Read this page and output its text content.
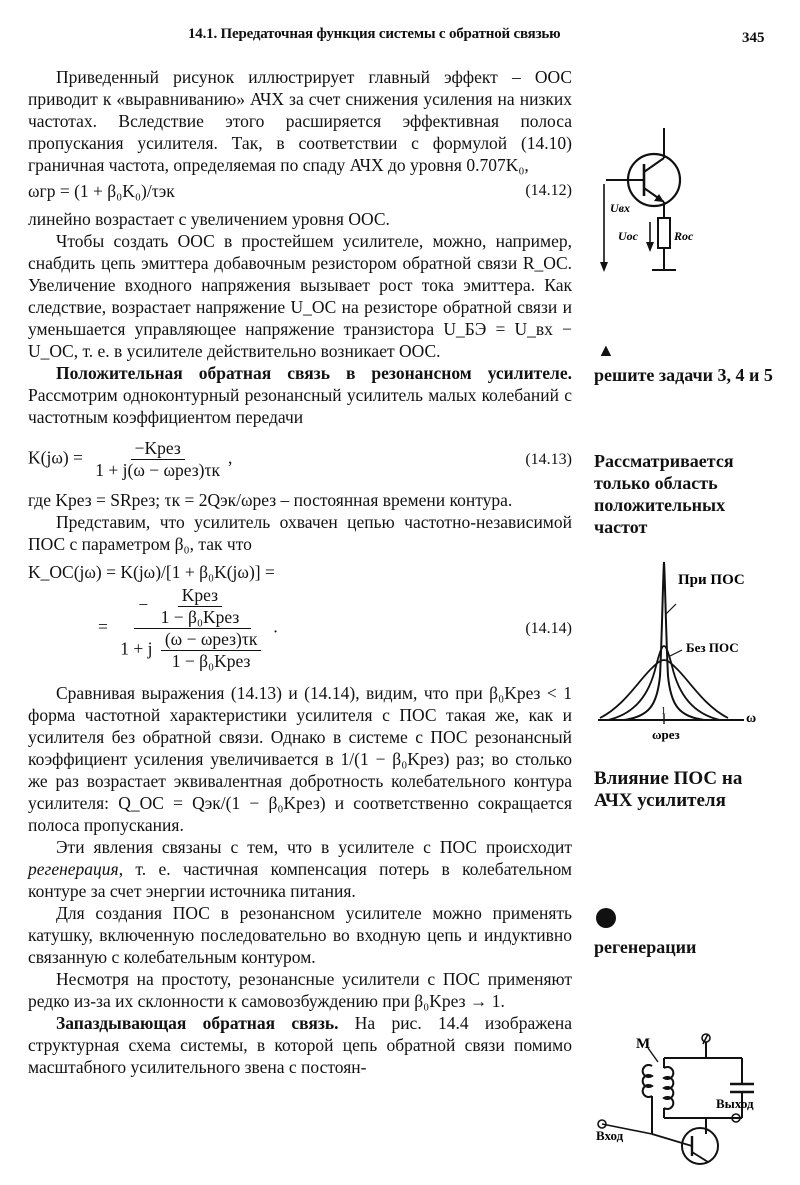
14.1. Передаточная функция системы с обратной связью	345

Приведенный рисунок иллюстрирует главный эффект – ООС приводит к «выравниванию» АЧХ за счет снижения усиления на низких частотах. Вследствие этого расширяется эффективная полоса пропускания усилителя. Так, в соответствии с формулой (14.10) граничная частота, определяемая по спаду АЧХ до уровня 0.707K₀,

ωгр = (1 + β₀K₀)/τэк	(14.12)

линейно возрастает с увеличением уровня ООС.

Чтобы создать ООС в простейшем усилителе, можно, например, снабдить цепь эмиттера добавочным резистором обратной связи R_OC. Увеличение входного напряжения вызывает рост тока эмиттера. Как следствие, возрастает напряжение U_OC на резисторе обратной связи и уменьшается управляющее напряжение транзистора U_БЭ = U_вх − U_OC, т. е. в усилителе действительно возникает ООС.

Положительная обратная связь в резонансном усилителе. Рассмотрим одноконтурный резонансный усилитель малых колебаний с частотным коэффициентом передачи

$K(j\omega) = \frac{\text{−Kрез}}{\text{1 + j(ω − ωрез)τк}}$ ,	(14.13)

где Kрез = SRрез; τк = 2Qэк/ωрез – постоянная времени контура.

Представим, что усилитель охвачен цепью частотно-независимой ПОС с параметром β₀, так что

K_OC(jω) = K(jω)/[1 + β₀K(jω)] =
=
− $\frac{\text{Kрез}}{\text{1 − β₀Kрез}}$
1 + j $\frac{\text{(ω − ωрез)τк}}{\text{1 − β₀Kрез}}$
.	(14.14)

Сравнивая выражения (14.13) и (14.14), видим, что при β₀Kрез < 1 форма частотной характеристики усилителя с ПОС такая же, как и усилителя без обратной связи. Однако в системе с ПОС резонансный коэффициент усиления увеличивается в 1/(1 − β₀Kрез) раз; во столько же раз возрастает эквивалентная добротность колебательного контура усилителя: Q_OC = Qэк/(1 − β₀Kрез) и соответственно сокращается полоса пропускания.

Эти явления связаны с тем, что в усилителе с ПОС происходит регенерация, т. е. частичная компенсация потерь в колебательном контуре за счет энергии источника питания.

Для создания ПОС в резонансном усилителе можно применять катушку, включенную последовательно во входную цепь и индуктивно связанную с колебательным контуром.

Несмотря на простоту, резонансные усилители с ПОС применяют редко из-за их склонности к самовозбуждению при β₀Kрез → 1.

Запаздывающая обратная связь. На рис. 14.4 изображена структурная схема системы, в которой цепь обратной связи помимо масштабного усилительного звена с постоян-

Uвх
Uос	Rос
▲
решите задачи 3, 4 и 5
Рассматривается только область положительных частот
При ПОС
Без ПОС
ω
1
ωрез
Влияние ПОС на АЧХ усилителя
регенерации
M
Выход
Вход
